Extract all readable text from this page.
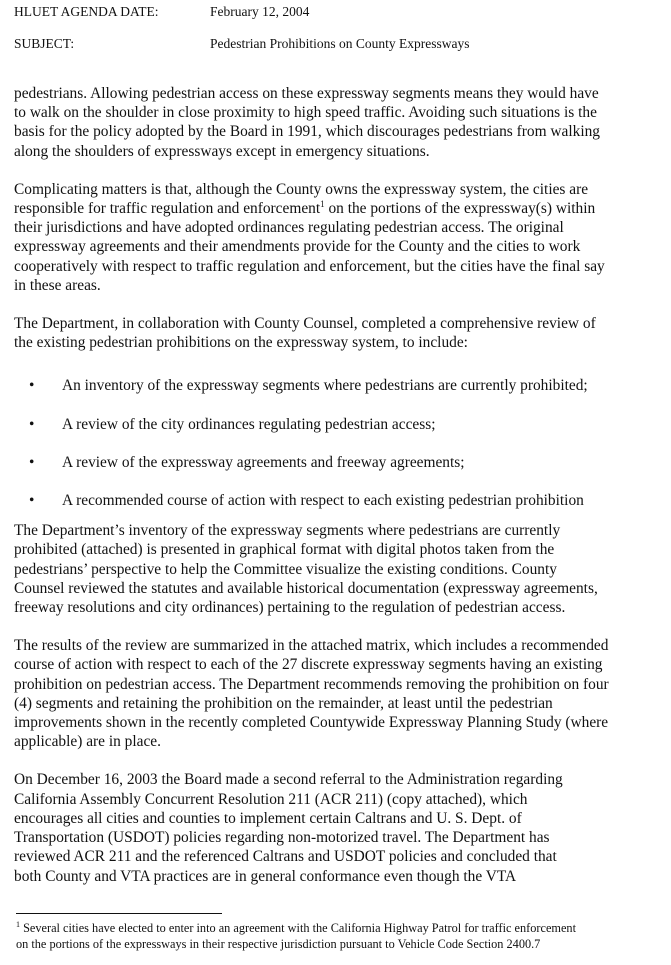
HLUET AGENDA DATE:	February 12, 2004
SUBJECT:	Pedestrian Prohibitions on County Expressways

pedestrians. Allowing pedestrian access on these expressway segments means they would have
to walk on the shoulder in close proximity to high speed traffic. Avoiding such situations is the
basis for the policy adopted by the Board in 1991, which discourages pedestrians from walking
along the shoulders of expressways except in emergency situations.

Complicating matters is that, although the County owns the expressway system, the cities are
responsible for traffic regulation and enforcement$^1$ on the portions of the expressway(s) within
their jurisdictions and have adopted ordinances regulating pedestrian access. The original
expressway agreements and their amendments provide for the County and the cities to work
cooperatively with respect to traffic regulation and enforcement, but the cities have the final say
in these areas.

The Department, in collaboration with County Counsel, completed a comprehensive review of
the existing pedestrian prohibitions on the expressway system, to include:

• An inventory of the expressway segments where pedestrians are currently prohibited;
• A review of the city ordinances regulating pedestrian access;
• A review of the expressway agreements and freeway agreements;
• A recommended course of action with respect to each existing pedestrian prohibition

The Department’s inventory of the expressway segments where pedestrians are currently
prohibited (attached) is presented in graphical format with digital photos taken from the
pedestrians’ perspective to help the Committee visualize the existing conditions. County
Counsel reviewed the statutes and available historical documentation (expressway agreements,
freeway resolutions and city ordinances) pertaining to the regulation of pedestrian access.

The results of the review are summarized in the attached matrix, which includes a recommended
course of action with respect to each of the 27 discrete expressway segments having an existing
prohibition on pedestrian access. The Department recommends removing the prohibition on four
(4) segments and retaining the prohibition on the remainder, at least until the pedestrian
improvements shown in the recently completed Countywide Expressway Planning Study (where
applicable) are in place.

On December 16, 2003 the Board made a second referral to the Administration regarding
California Assembly Concurrent Resolution 211 (ACR 211) (copy attached), which
encourages all cities and counties to implement certain Caltrans and U. S. Dept. of
Transportation (USDOT) policies regarding non-motorized travel. The Department has
reviewed ACR 211 and the referenced Caltrans and USDOT policies and concluded that
both County and VTA practices are in general conformance even though the VTA

$^1$ Several cities have elected to enter into an agreement with the California Highway Patrol for traffic enforcement
on the portions of the expressways in their respective jurisdiction pursuant to Vehicle Code Section 2400.7
